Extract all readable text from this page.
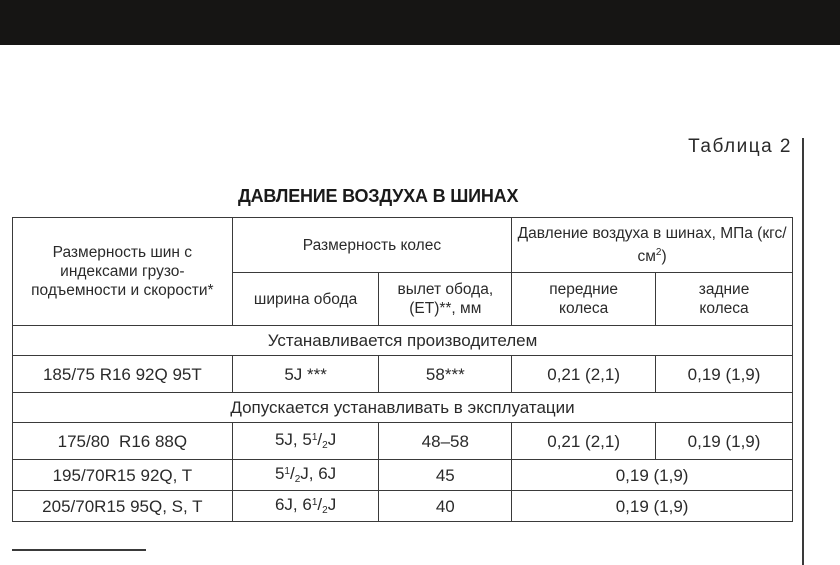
Таблица 2
ДАВЛЕНИЕ ВОЗДУХА В ШИНАХ
Размерность шин с индексами грузо-подъемности и скорости*	Размерность колес		Давление воздуха в шинах, МПа $(кгс/см^2)$	
	ширина обода	вылет обода, (ЕТ)**, мм	передние колеса	задние колеса
Устанавливается производителем				
185/75 R16 92Q 95T	5J ***	58***	0,21 (2,1)	0,19 (1,9)
Допускается устанавливать в эксплуатации				
175/80  R16 88Q	5J, $5^1/_2J$	48–58	0,21 (2,1)	0,19 (1,9)
195/70R15 92Q, T	$5^1/_2J$, 6J	45	0,19 (1,9)	
205/70R15 95Q, S, T	6J, $6^1/_2J$	40	0,19 (1,9)	
